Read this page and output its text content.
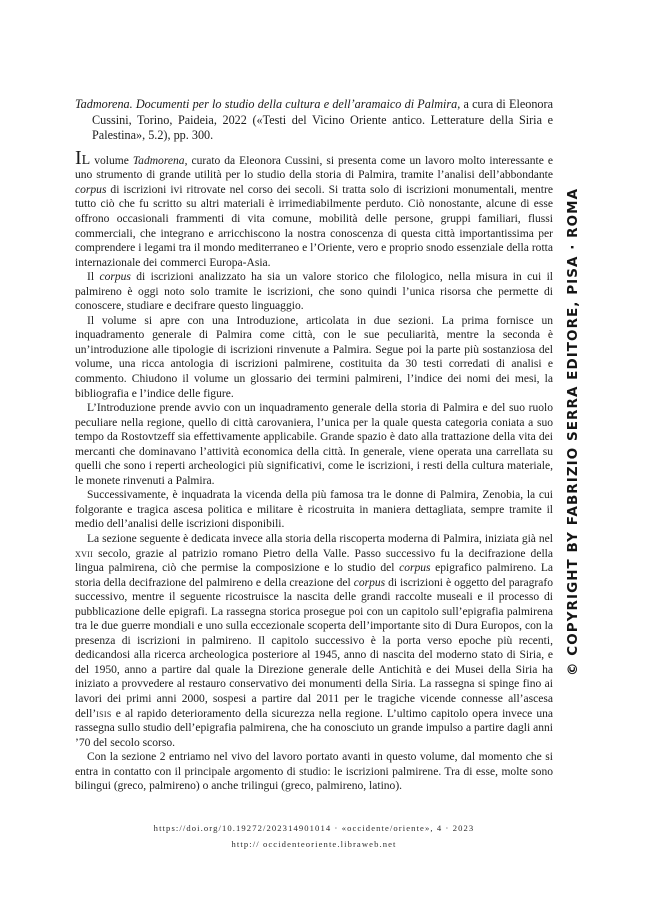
Tadmorena. Documenti per lo studio della cultura e dell’aramaico di Palmira, a cura di Eleonora Cussini, Torino, Paideia, 2022 («Testi del Vicino Oriente antico. Letterature della Siria e Palestina», 5.2), pp. 300.

Il volume Tadmorena, curato da Eleonora Cussini, si presenta come un lavoro molto interessante e uno strumento di grande utilità per lo studio della storia di Palmira, tramite l’analisi dell’abbondante corpus di iscrizioni ivi ritrovate nel corso dei secoli. Si tratta solo di iscrizioni monumentali, mentre tutto ciò che fu scritto su altri materiali è irrimediabilmente perduto. Ciò nonostante, alcune di esse offrono occasionali frammenti di vita comune, mobilità delle persone, gruppi familiari, flussi commerciali, che integrano e arricchiscono la nostra conoscenza di questa città importantissima per comprendere i legami tra il mondo mediterraneo e l’Oriente, vero e proprio snodo essenziale della rotta internazionale dei commerci Europa-Asia.

Il corpus di iscrizioni analizzato ha sia un valore storico che filologico, nella misura in cui il palmireno è oggi noto solo tramite le iscrizioni, che sono quindi l’unica risorsa che permette di conoscere, studiare e decifrare questo linguaggio.

Il volume si apre con una Introduzione, articolata in due sezioni. La prima fornisce un inquadramento generale di Palmira come città, con le sue peculiarità, mentre la seconda è un’introduzione alle tipologie di iscrizioni rinvenute a Palmira. Segue poi la parte più sostanziosa del volume, una ricca antologia di iscrizioni palmirene, costituita da 30 testi corredati di analisi e commento. Chiudono il volume un glossario dei termini palmireni, l’indice dei nomi dei mesi, la bibliografia e l’indice delle figure.

L’Introduzione prende avvio con un inquadramento generale della storia di Palmira e del suo ruolo peculiare nella regione, quello di città carovaniera, l’unica per la quale questa categoria coniata a suo tempo da Rostovtzeff sia effettivamente applicabile. Grande spazio è dato alla trattazione della vita dei mercanti che dominavano l’attività economica della città. In generale, viene operata una carrellata su quelli che sono i reperti archeologici più significativi, come le iscrizioni, i resti della cultura materiale, le monete rinvenuti a Palmira.

Successivamente, è inquadrata la vicenda della più famosa tra le donne di Palmira, Zenobia, la cui folgorante e tragica ascesa politica e militare è ricostruita in maniera dettagliata, sempre tramite il medio dell’analisi delle iscrizioni disponibili.

La sezione seguente è dedicata invece alla storia della riscoperta moderna di Palmira, iniziata già nel xvii secolo, grazie al patrizio romano Pietro della Valle. Passo successivo fu la decifrazione della lingua palmirena, ciò che permise la composizione e lo studio del corpus epigrafico palmireno. La storia della decifrazione del palmireno e della creazione del corpus di iscrizioni è oggetto del paragrafo successivo, mentre il seguente ricostruisce la nascita delle grandi raccolte museali e il processo di pubblicazione delle epigrafi. La rassegna storica prosegue poi con un capitolo sull’epigrafia palmirena tra le due guerre mondiali e uno sulla eccezionale scoperta dell’importante sito di Dura Europos, con la presenza di iscrizioni in palmireno. Il capitolo successivo è la porta verso epoche più recenti, dedicandosi alla ricerca archeologica posteriore al 1945, anno di nascita del moderno stato di Siria, e del 1950, anno a partire dal quale la Direzione generale delle Antichità e dei Musei della Siria ha iniziato a provvedere al restauro conservativo dei monumenti della Siria. La rassegna si spinge fino ai lavori dei primi anni 2000, sospesi a partire dal 2011 per le tragiche vicende connesse all’ascesa dell’isis e al rapido deterioramento della sicurezza nella regione. L’ultimo capitolo opera invece una rassegna sullo studio dell’epigrafia palmirena, che ha conosciuto un grande impulso a partire dagli anni ’70 del secolo scorso.

Con la sezione 2 entriamo nel vivo del lavoro portato avanti in questo volume, dal momento che si entra in contatto con il principale argomento di studio: le iscrizioni palmirene. Tra di esse, molte sono bilingui (greco, palmireno) o anche trilingui (greco, palmireno, latino).

https://doi.org/10.19272/202314901014 · «occidente/oriente», 4 · 2023
http:// occidenteoriente.libraweb.net
© COPYRIGHT BY FABRIZIO SERRA EDITORE, PISA · ROMA
